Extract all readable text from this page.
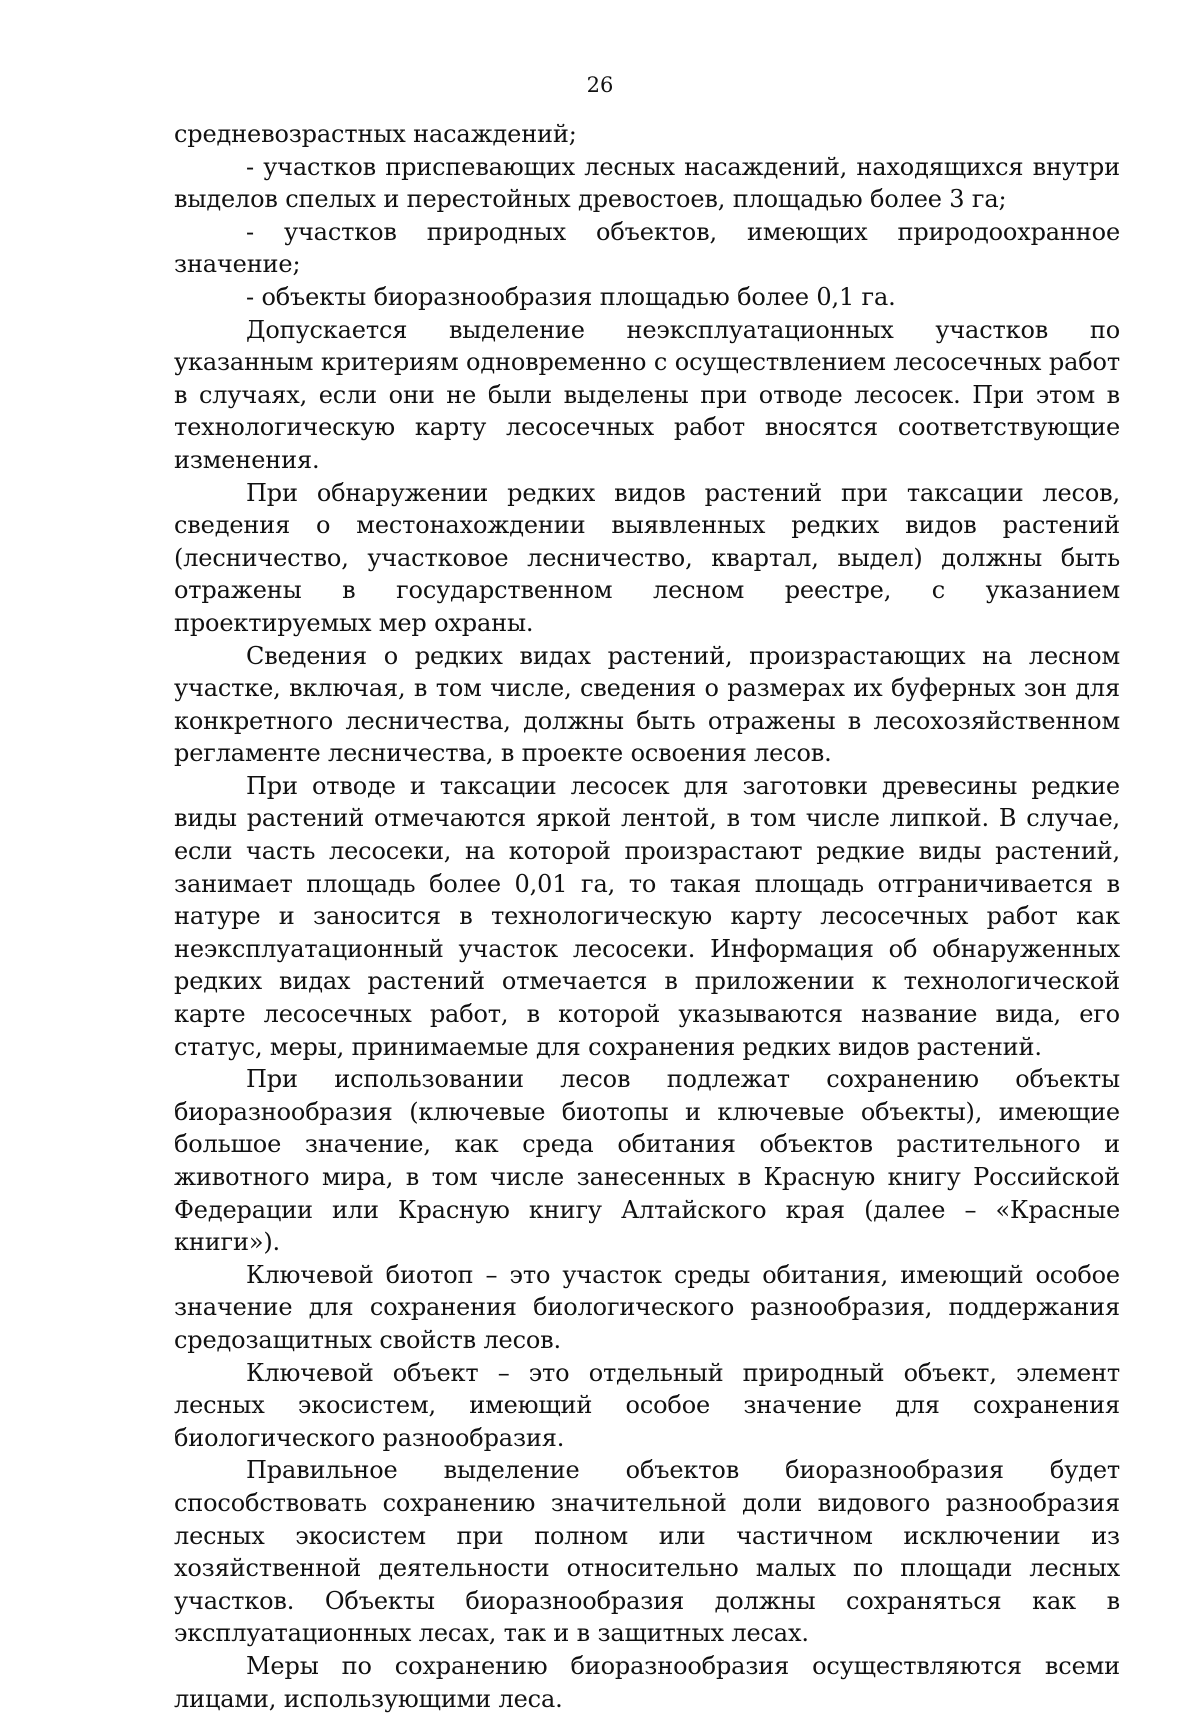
26

средневозрастных насаждений;

- участков приспевающих лесных насаждений, находящихся внутри выделов спелых и перестойных древостоев, площадью более 3 га;

- участков природных объектов, имеющих природоохранное значение;

- объекты биоразнообразия площадью более 0,1 га.

Допускается выделение неэксплуатационных участков по указанным критериям одновременно с осуществлением лесосечных работ в случаях, если они не были выделены при отводе лесосек. При этом в технологическую карту лесосечных работ вносятся соответствующие изменения.

При обнаружении редких видов растений при таксации лесов, сведения о местонахождении выявленных редких видов растений (лесничество, участковое лесничество, квартал, выдел) должны быть отражены в государственном лесном реестре, с указанием проектируемых мер охраны.

Сведения о редких видах растений, произрастающих на лесном участке, включая, в том числе, сведения о размерах их буферных зон для конкретного лесничества, должны быть отражены в лесохозяйственном регламенте лесничества, в проекте освоения лесов.

При отводе и таксации лесосек для заготовки древесины редкие виды растений отмечаются яркой лентой, в том числе липкой. В случае, если часть лесосеки, на которой произрастают редкие виды растений, занимает площадь более 0,01 га, то такая площадь отграничивается в натуре и заносится в технологическую карту лесосечных работ как неэксплуатационный участок лесосеки. Информация об обнаруженных редких видах растений отмечается в приложении к технологической карте лесосечных работ, в которой указываются название вида, его статус, меры, принимаемые для сохранения редких видов растений.

При использовании лесов подлежат сохранению объекты биоразнообразия (ключевые биотопы и ключевые объекты), имеющие большое значение, как среда обитания объектов растительного и животного мира, в том числе занесенных в Красную книгу Российской Федерации или Красную книгу Алтайского края (далее – «Красные книги»).

Ключевой биотоп – это участок среды обитания, имеющий особое значение для сохранения биологического разнообразия, поддержания средозащитных свойств лесов.

Ключевой объект – это отдельный природный объект, элемент лесных экосистем, имеющий особое значение для сохранения биологического разнообразия.

Правильное выделение объектов биоразнообразия будет способствовать сохранению значительной доли видового разнообразия лесных экосистем при полном или частичном исключении из хозяйственной деятельности относительно малых по площади лесных участков. Объекты биоразнообразия должны сохраняться как в эксплуатационных лесах, так и в защитных лесах.

Меры по сохранению биоразнообразия осуществляются всеми лицами, использующими леса.
